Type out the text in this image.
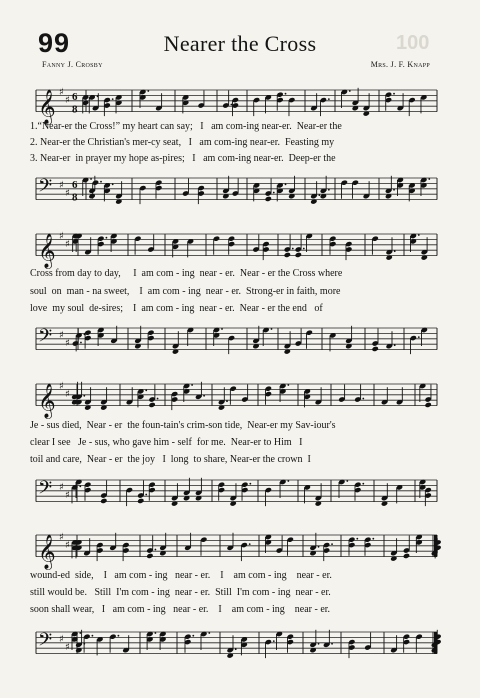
99	Nearer the Cross	100
Fanny J. Crosby	Mrs. J. F. Knapp
𝄞 ♯
♯ 6
8
1.“Near-er the Cross!” my heart can say;   I   am com-ing near-er.  Near-er the
2. Near-er the Christian's mer-cy seat,   I   am com-ing near-er.  Feasting my
3. Near-er  in prayer my hope as-pires;   I   am com-ing near-er.  Deep-er the
𝄢 ♯
♯
6
8
𝄞 ♯
♯
Cross from day to day,     I  am com - ing  near - er.  Near - er the Cross where
soul  on  man - na sweet,    I  am com - ing  near - er.  Strong-er in faith, more
love  my soul  de-sires;    I  am com - ing  near - er.  Near - er the end   of
𝄢 ♯
♯
𝄞 ♯
♯
Je - sus died,  Near - er  the foun-tain's crim-son tide,  Near-er my Sav-iour's
clear I see   Je - sus, who gave him - self  for me.  Near-er to Him   I
toil and care,  Near - er  the joy   I  long  to share, Near-er the crown  I
𝄢 ♯
♯
𝄞 ♯
♯
wound-ed  side,    I   am com - ing   near - er.    I    am com - ing    near - er.
still would be.   Still  I'm com - ing  near - er.  Still  I'm com - ing  near - er.
soon shall wear,   I   am com - ing   near - er.    I    am com - ing    near - er.
𝄢 ♯
♯
